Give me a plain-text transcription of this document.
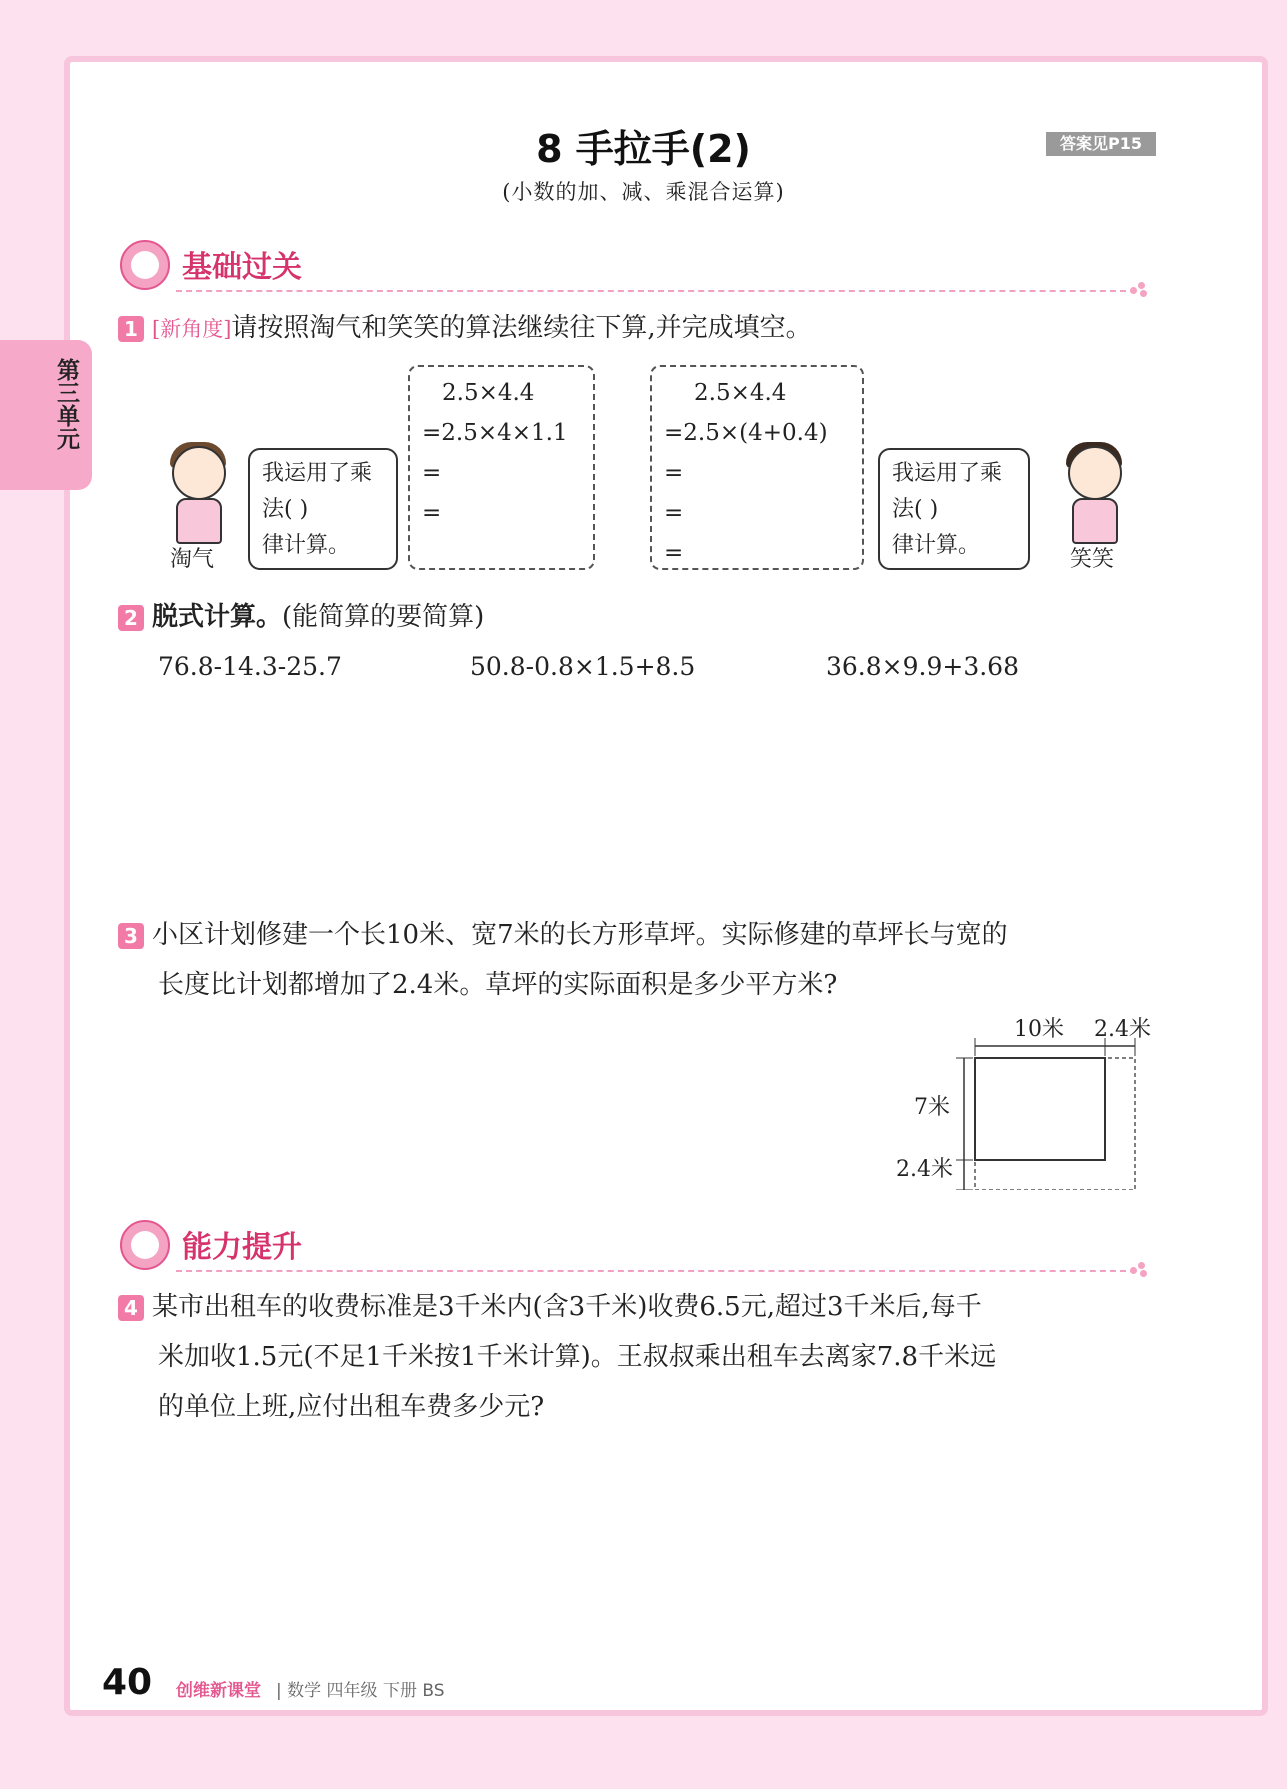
第三单元
8 手拉手(2)
(小数的加、减、乘混合运算)
答案见P15
基础过关
1 [新角度]请按照淘气和笑笑的算法继续往下算,并完成填空。
淘气
我运用了乘
法( )
律计算。
2.5×4.4
=2.5×4×1.1
=
=
2.5×4.4
=2.5×(4+0.4)
=
=
=
我运用了乘
法( )
律计算。
笑笑
2 脱式计算。(能简算的要简算)
76.8-14.3-25.7	50.8-0.8×1.5+8.5	36.8×9.9+3.68
3 小区计划修建一个长10米、宽7米的长方形草坪。实际修建的草坪长与宽的
长度比计划都增加了2.4米。草坪的实际面积是多少平方米?
10米 2.4米
7米
2.4米
能力提升
4 某市出租车的收费标准是3千米内(含3千米)收费6.5元,超过3千米后,每千
米加收1.5元(不足1千米按1千米计算)。王叔叔乘出租车去离家7.8千米远
的单位上班,应付出租车费多少元?
40 创维新课堂 | 数学 四年级 下册 BS
